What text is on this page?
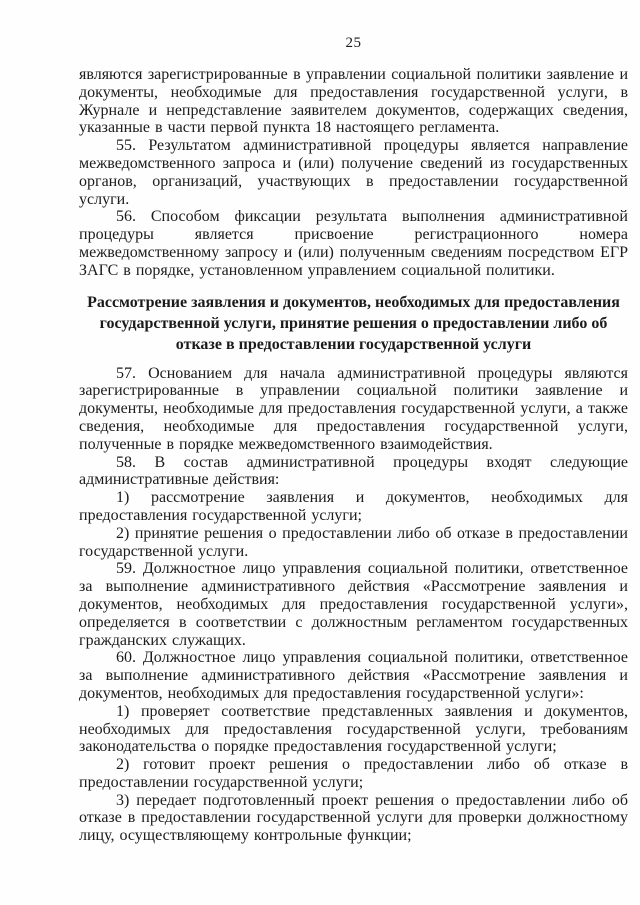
25

являются зарегистрированные в управлении социальной политики заявление и документы, необходимые для предоставления государственной услуги, в Журнале и непредставление заявителем документов, содержащих сведения, указанные в части первой пункта 18 настоящего регламента.

55. Результатом административной процедуры является направление межведомственного запроса и (или) получение сведений из государственных органов, организаций, участвующих в предоставлении государственной услуги.

56. Способом фиксации результата выполнения административной процедуры является присвоение регистрационного номера межведомственному запросу и (или) полученным сведениям посредством ЕГР ЗАГС в порядке, установленном управлением социальной политики.

Рассмотрение заявления и документов, необходимых для предоставления государственной услуги, принятие решения о предоставлении либо об отказе в предоставлении государственной услуги

57. Основанием для начала административной процедуры являются зарегистрированные в управлении социальной политики заявление и документы, необходимые для предоставления государственной услуги, а также сведения, необходимые для предоставления государственной услуги, полученные в порядке межведомственного взаимодействия.

58. В состав административной процедуры входят следующие административные действия:

1) рассмотрение заявления и документов, необходимых для предоставления государственной услуги;

2) принятие решения о предоставлении либо об отказе в предоставлении государственной услуги.

59. Должностное лицо управления социальной политики, ответственное за выполнение административного действия «Рассмотрение заявления и документов, необходимых для предоставления государственной услуги», определяется в соответствии с должностным регламентом государственных гражданских служащих.

60. Должностное лицо управления социальной политики, ответственное за выполнение административного действия «Рассмотрение заявления и документов, необходимых для предоставления государственной услуги»:

1) проверяет соответствие представленных заявления и документов, необходимых для предоставления государственной услуги, требованиям законодательства о порядке предоставления государственной услуги;

2) готовит проект решения о предоставлении либо об отказе в предоставлении государственной услуги;

3) передает подготовленный проект решения о предоставлении либо об отказе в предоставлении государственной услуги для проверки должностному лицу, осуществляющему контрольные функции;
